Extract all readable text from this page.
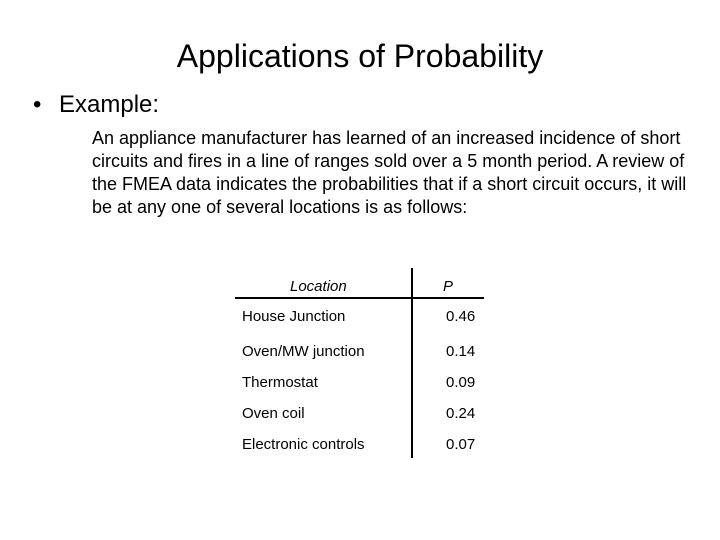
Applications of Probability
• Example:
An appliance manufacturer has learned of an increased incidence of short circuits and fires in a line of ranges sold over a 5 month period. A review of the FMEA data indicates the probabilities that if a short circuit occurs, it will be at any one of several locations is as follows:
Location	P
House Junction	0.46
Oven/MW junction	0.14
Thermostat	0.09
Oven coil	0.24
Electronic controls	0.07
